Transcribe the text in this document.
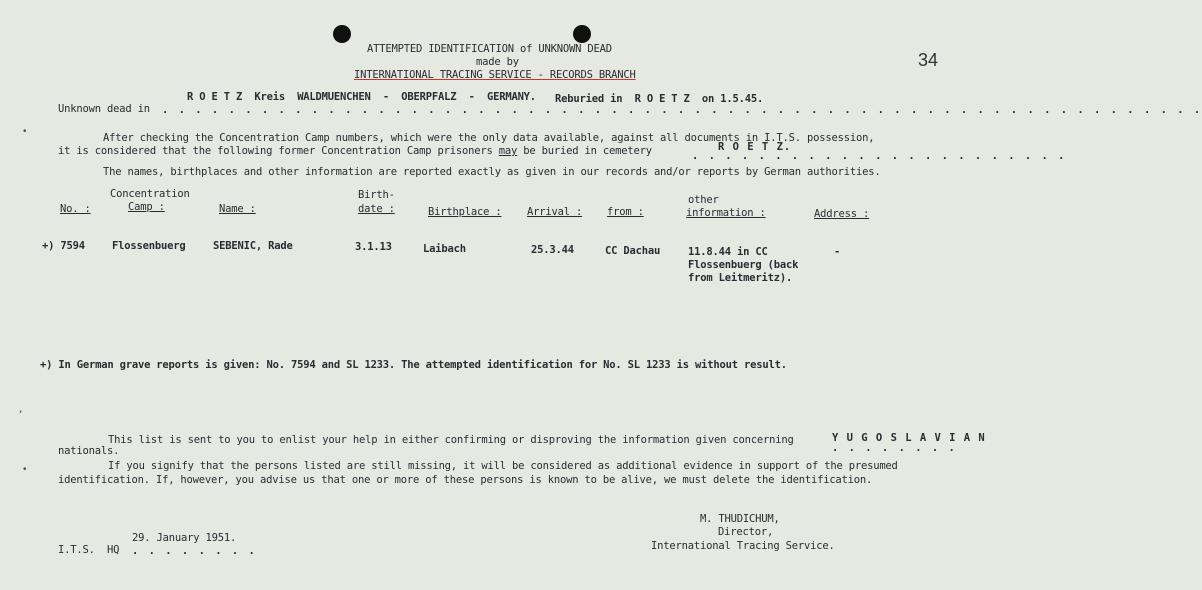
34
ATTEMPTED IDENTIFICATION of UNKNOWN DEAD
made by
INTERNATIONAL TRACING SERVICE - RECORDS BRANCH
R O E T Z  Kreis  WALDMUENCHEN  -  OBERPFALZ  -  GERMANY. Reburied in  R O E T Z  on 1.5.45.
Unknown dead in . . . . . . . . . . . . . . . . . . . . . . . . . . . . . . . . . . . . . . . . . . . . . . . . . . . . . . . . . . . . . . .
•	After checking the Concentration Camp numbers, which were the only data available, against all documents in I.T.S. possession,
it is considered that the following former Concentration Camp prisoners may be buried in cemetery	R O E T Z.
. . . . . . . . . . . . . . . . . . . . . . .
The names, birthplaces and other information are reported exactly as given in our records and/or reports by German authorities.
Concentration	Birth-	other
No. :	Camp :	Name :	date :	Birthplace : Arrival : from :	information :	Address :
+) 7594	Flossenbuerg	SEBENIC, Rade	3.1.13	Laibach	25.3.44	CC Dachau	11.8.44 in CC
Flossenbuerg (back
from Leitmeritz).
-
+) In German grave reports is given: No. 7594 and SL 1233. The attempted identification for No. SL 1233 is without result.
,
•
This list is sent to you to enlist your help in either confirming or disproving the information given concerning	Y U G O S L A V I A N
. . . . . . . .
nationals.
If you signify that the persons listed are still missing, it will be considered as additional evidence in support of the presumed
identification. If, however, you advise us that one or more of these persons is known to be alive, we must delete the identification.
29. January 1951.
I.T.S.  HQ . . . . . . . .
M. THUDICHUM,
Director,
International Tracing Service.
